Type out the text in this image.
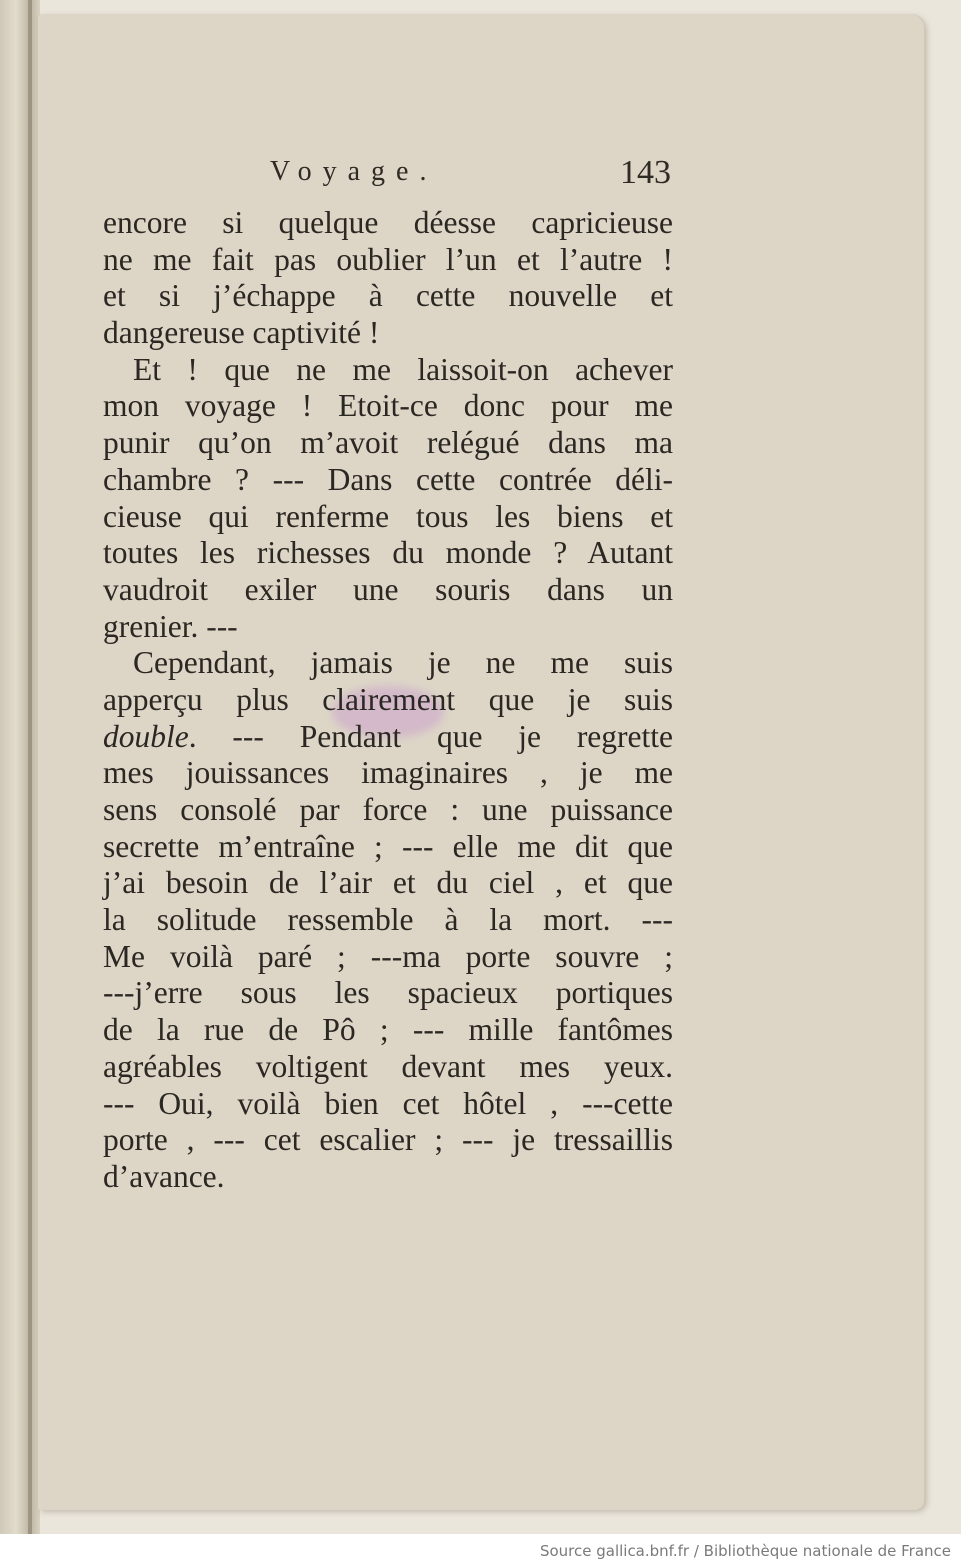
Voyage.	143
encore si quelque déesse capricieuse
ne me fait pas oublier l’un et l’autre !
et si j’échappe à cette nouvelle et
dangereuse captivité !
Et ! que ne me laissoit-on achever
mon voyage ! Etoit-ce donc pour me
punir qu’on m’avoit relégué dans ma
chambre ? --- Dans cette contrée déli-
cieuse qui renferme tous les biens et
toutes les richesses du monde ? Autant
vaudroit exiler une souris dans un
grenier. ---
Cependant, jamais je ne me suis
apperçu plus clairement que je suis
double. --- Pendant que je regrette
mes jouissances imaginaires , je me
sens consolé par force : une puissance
secrette m’entraîne ; --- elle me dit que
j’ai besoin de l’air et du ciel , et que
la solitude ressemble à la mort. ---
Me voilà paré ; ---ma porte souvre ;
---j’erre sous les spacieux portiques
de la rue de Pô ; --- mille fantômes
agréables voltigent devant mes yeux.
--- Oui, voilà bien cet hôtel , ---cette
porte , --- cet escalier ; --- je tressaillis
d’avance.
Source gallica.bnf.fr / Bibliothèque nationale de France
